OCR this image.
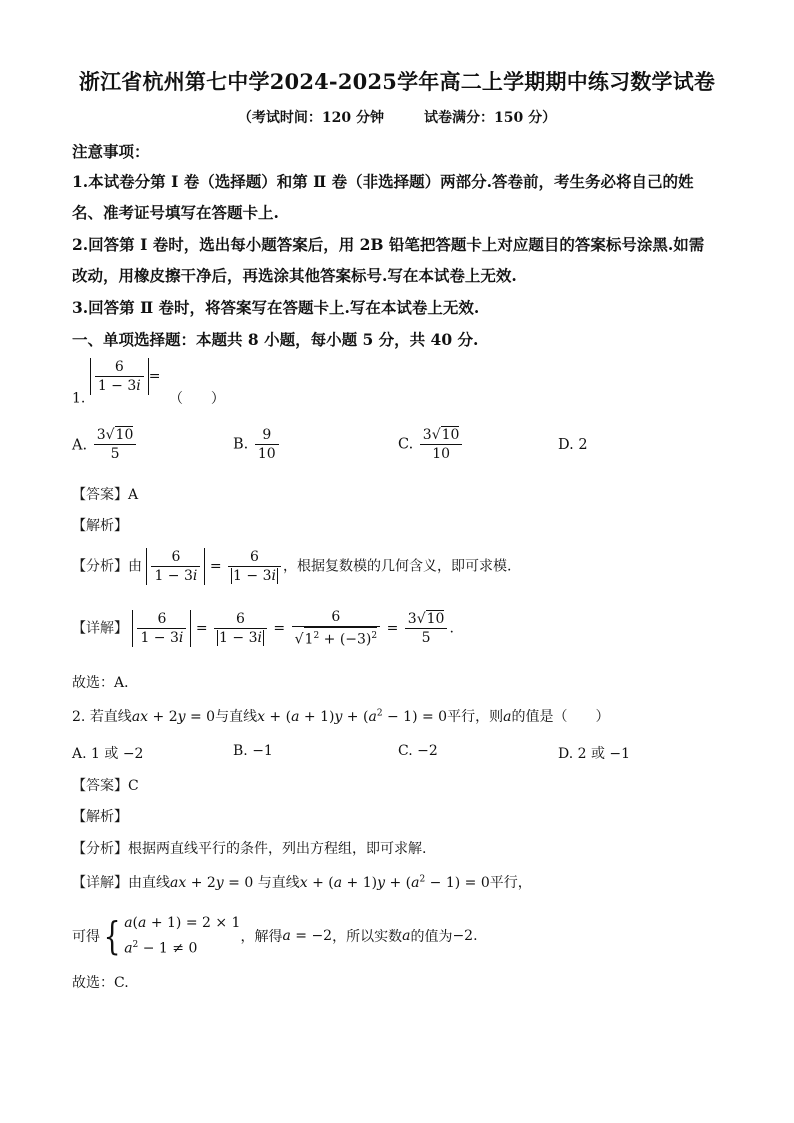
浙江省杭州第七中学2024-2025学年高二上学期期中练习数学试卷
（考试时间：120 分钟	试卷满分：150 分）
注意事项：
1.本试卷分第 Ⅰ 卷（选择题）和第 Ⅱ 卷（非选择题）两部分.答卷前，考生务必将自己的姓
名、准考证号填写在答题卡上.
2.回答第 Ⅰ 卷时，选出每小题答案后，用 2B 铅笔把答题卡上对应题目的答案标号涂黑.如需
改动，用橡皮擦干净后，再选涂其他答案标号.写在本试卷上无效.
3.回答第 Ⅱ 卷时，将答案写在答题卡上.写在本试卷上无效.
一、单项选择题：本题共 8 小题，每小题 5 分，共 40 分.
1.
$\frac{6}{1 - 3i}$ = （　　）
A. $\frac{3√10}{5}$	B. $\frac{9}{10}$	C. $\frac{3√10}{10}$	D. 2
【答案】A
【解析】
【分析】由 $\frac{6}{1 - 3i} = \frac{6}{1 - 3i}$ ，根据复数模的几何含义，即可求模.
【详解】 $\frac{6}{1 - 3i} = \frac{6}{1 - 3i} = \frac{6}{√1^2 + (-3)^2} = \frac{3√10}{5}$ .
故选：A．
2. 若直线ax + 2y = 0与直线$x + (a + 1)y + (a^2 - 1) = 0$平行，则a的值是（　　）
A. 1 或 −2	B. −1	C. −2	D. 2 或 −1
【答案】C
【解析】
【分析】根据两直线平行的条件，列出方程组，即可求解.
【详解】由直线ax + 2y = 0 与直线$x + (a + 1)y + (a^2 - 1) = 0$平行，
可得{ a(a + 1) = 2 × 1
$a^2 - 1 \ne 0$
，解得a = −2，所以实数a的值为−2.
故选：C.
